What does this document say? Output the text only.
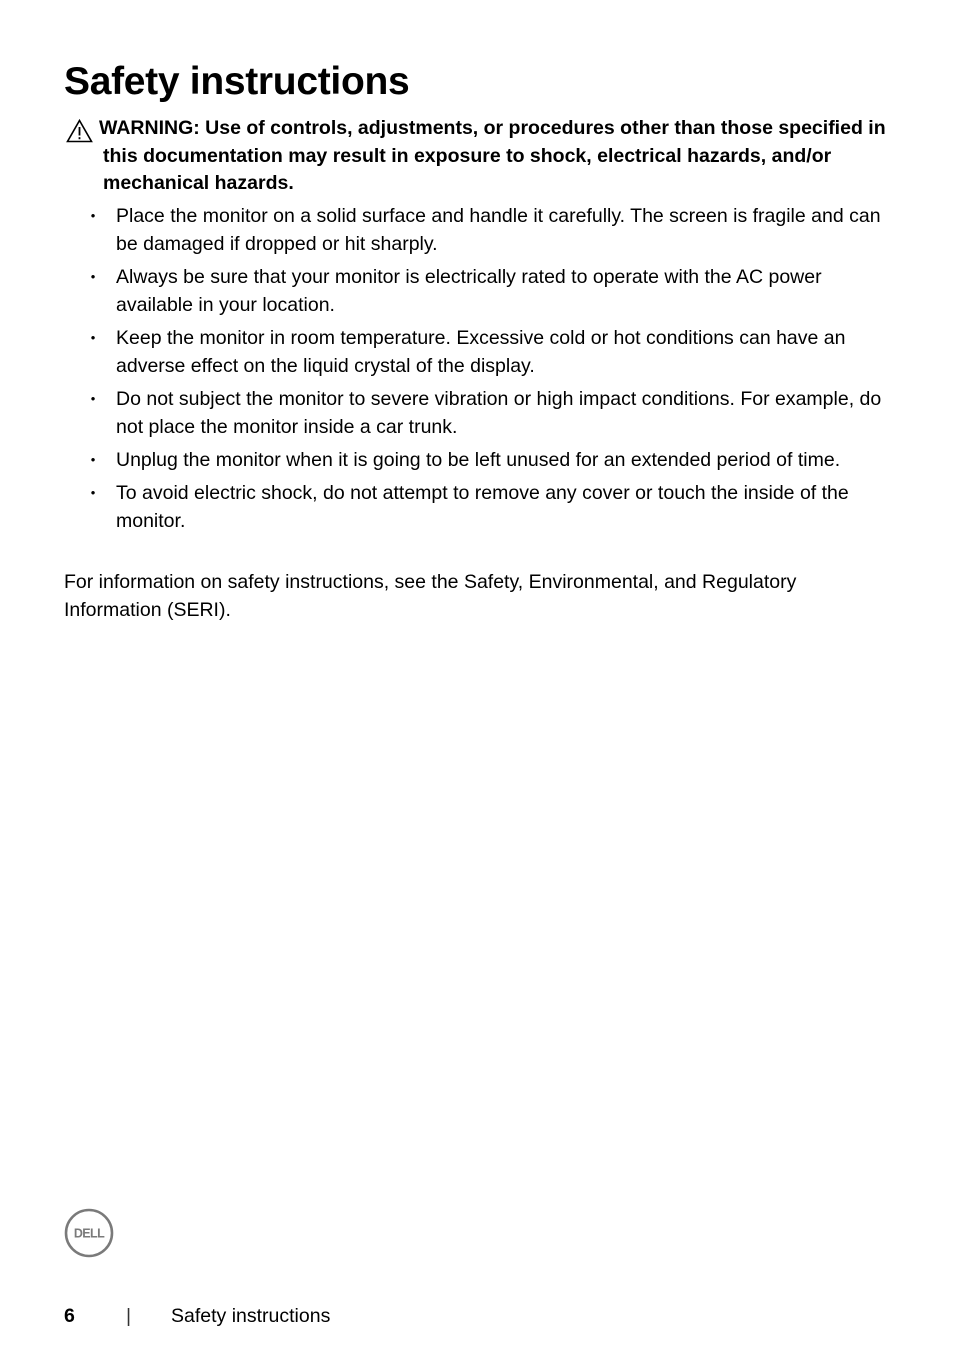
Safety instructions
WARNING: Use of controls, adjustments, or procedures other than those specified in this documentation may result in exposure to shock, electrical hazards, and/or mechanical hazards.
• Place the monitor on a solid surface and handle it carefully. The screen is fragile and can be damaged if dropped or hit sharply.
• Always be sure that your monitor is electrically rated to operate with the AC power available in your location.
• Keep the monitor in room temperature. Excessive cold or hot conditions can have an adverse effect on the liquid crystal of the display.
• Do not subject the monitor to severe vibration or high impact conditions. For example, do not place the monitor inside a car trunk.
• Unplug the monitor when it is going to be left unused for an extended period of time.
• To avoid electric shock, do not attempt to remove any cover or touch the inside of the monitor.

For information on safety instructions, see the Safety, Environmental, and Regulatory Information (SERI).

DELL
6	| Safety instructions
